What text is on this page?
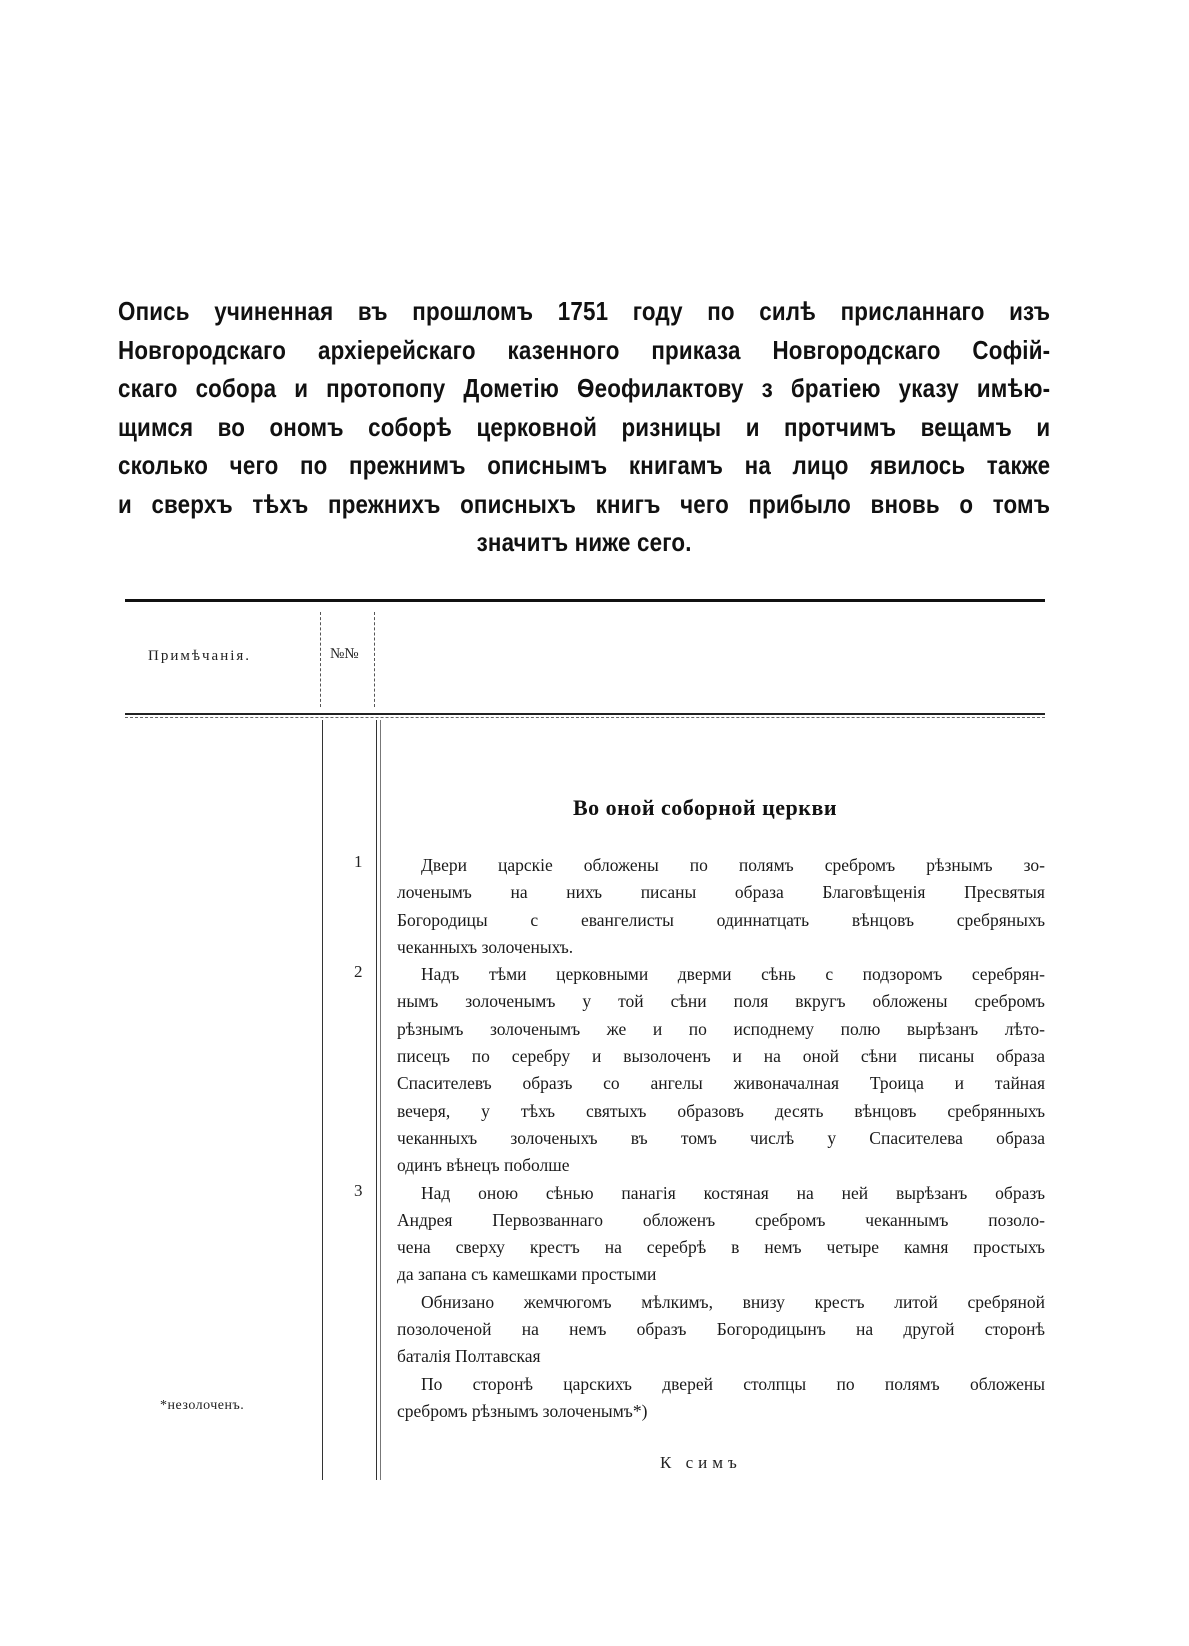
Опись учиненная въ прошломъ 1751 году по силѣ присланнаго изъ
Новгородскаго архіерейскаго казенного приказа Новгородскаго Софій-
скаго собора и протопопу Дометію Ѳеофилактову з братіею указу имѣю-
щимся во ономъ соборѣ церковной ризницы и протчимъ вещамъ и
сколько чего по прежнимъ описнымъ книгамъ на лицо явилось также
и сверхъ тѣхъ прежнихъ описныхъ книгъ чего прибыло вновь о томъ
значитъ ниже сего.
Примѣчанія.	№№
Во оной соборной церкви
1
2
3
Двери царскіе обложены по полямъ сребромъ рѣзнымъ зо-
лоченымъ на нихъ писаны образа Благовѣщенія Пресвятыя
Богородицы с евангелисты одиннатцать вѣнцовъ сребряныхъ
чеканныхъ золоченыхъ.
Надъ тѣми церковными дверми сѣнь с подзоромъ серебрян-
нымъ золоченымъ у той сѣни поля вкругъ обложены сребромъ
рѣзнымъ золоченымъ же и по исподнему полю вырѣзанъ лѣто-
писецъ по серебру и вызолоченъ и на оной сѣни писаны образа
Спасителевъ образъ со ангелы живоначалная Троица и тайная
вечеря, у тѣхъ святыхъ образовъ десять вѣнцовъ сребрянныхъ
чеканныхъ золоченыхъ въ томъ числѣ у Спасителева образа
одинъ вѣнецъ поболше
Над оною сѣнью панагія костяная на ней вырѣзанъ образъ
Андрея Первозваннаго обложенъ сребромъ чеканнымъ позоло-
чена сверху крестъ на серебрѣ в немъ четыре камня простыхъ
да запана съ камешками простыми
Обнизано жемчюгомъ мѣлкимъ, внизу крестъ литой сребряной
позолоченой на немъ образъ Богородицынъ на другой сторонѣ
баталія Полтавская
По сторонѣ царскихъ дверей столпцы по полямъ обложены
сребромъ рѣзнымъ золоченымъ*)
*незолоченъ.
К симъ
